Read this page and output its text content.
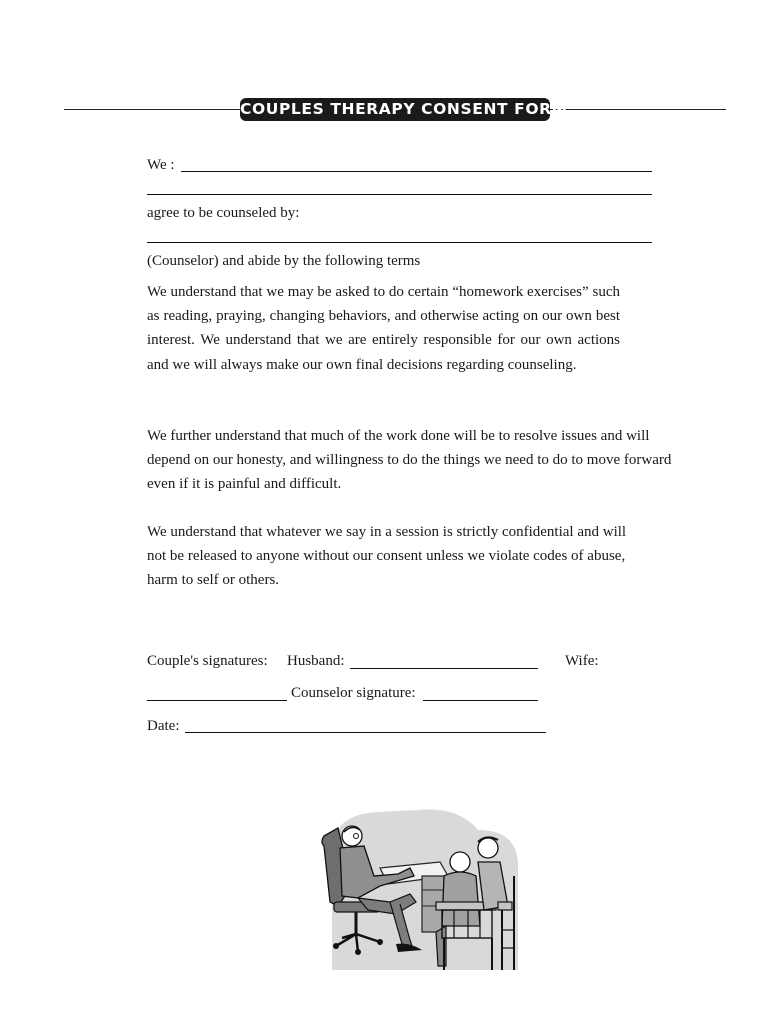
COUPLES THERAPY CONSENT FORM
We :
agree to be counseled by:
(Counselor) and abide by the following terms
We understand that we may be asked to do certain “homework exercises” such as reading, praying, changing behaviors, and otherwise acting on our own best interest. We understand that we are entirely responsible for our own actions and we will always make our own final decisions regarding counseling.
We further understand that much of the work done will be to resolve issues and will depend on our honesty, and willingness to do the things we need to do to move forward even if it is painful and difficult.
We understand that whatever we say in a session is strictly confidential and will not be released to anyone without our consent unless we violate codes of abuse, harm to self or others.
Couple's signatures: Husband:	Wife:
Counselor signature:
Date:
